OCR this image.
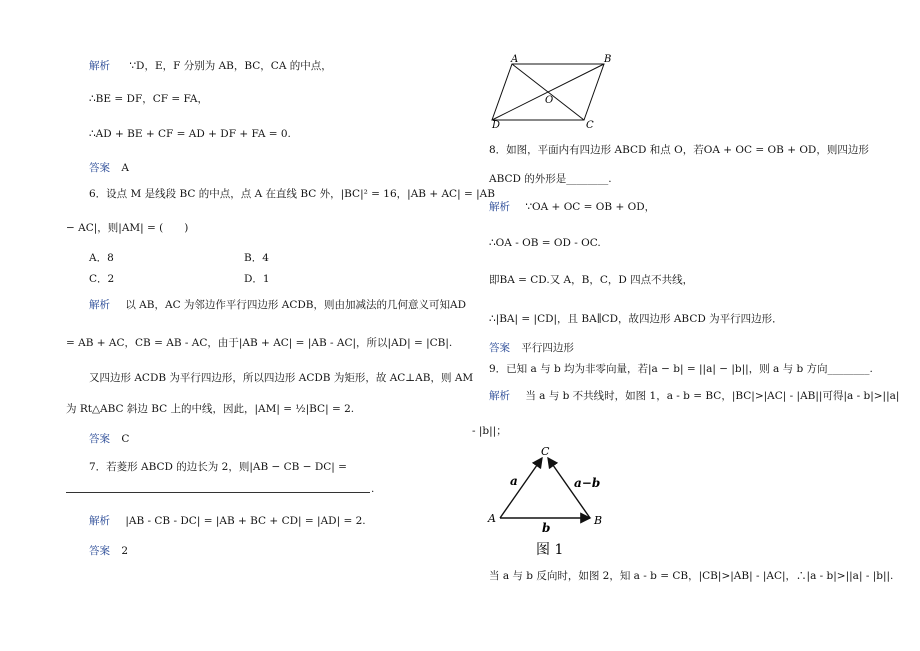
解析 ∵D，E，F 分别为 AB，BC，CA 的中点，
∴BE = DF，CF = FA，
∴AD + BE + CF = AD + DF + FA = 0.
答案 A
6．设点 M 是线段 BC 的中点，点 A 在直线 BC 外，|BC|² = 16，|AB + AC| = |AB
− AC|，则|AM| = (　　)
A．8	B．4
C．2	D．1
解析 以 AB，AC 为邻边作平行四边形 ACDB，则由加减法的几何意义可知AD
= AB + AC，CB = AB - AC，由于|AB + AC| = |AB - AC|，所以|AD| = |CB|.
又四边形 ACDB 为平行四边形，所以四边形 ACDB 为矩形，故 AC⊥AB，则 AM
为 Rt△ABC 斜边 BC 上的中线，因此，|AM| = ½|BC| = 2.
答案 C
7．若菱形 ABCD 的边长为 2，则|AB − CB − DC| =
.
解析 |AB - CB - DC| = |AB + BC + CD| = |AD| = 2.
答案 2
A	B
C
D
O
8．如图，平面内有四边形 ABCD 和点 O，若OA + OC = OB + OD，则四边形
ABCD 的外形是________.
解析 ∵OA + OC = OB + OD，
∴OA - OB = OD - OC.
即BA = CD.又 A，B，C，D 四点不共线，
∴|BA| = |CD|，且 BA∥CD，故四边形 ABCD 为平行四边形．
答案 平行四边形
9．已知 a 与 b 均为非零向量，若|a − b| = ||a| − |b||，则 a 与 b 方向________.
解析 当 a 与 b 不共线时，如图 1，a - b = BC，|BC|>|AC| - |AB||可得|a - b|>||a|
- |b||；
C
A	B
a	a−b
b
图 1
当 a 与 b 反向时，如图 2，知 a - b = CB，|CB|>|AB| - |AC|，∴|a - b|>||a| - |b||.
